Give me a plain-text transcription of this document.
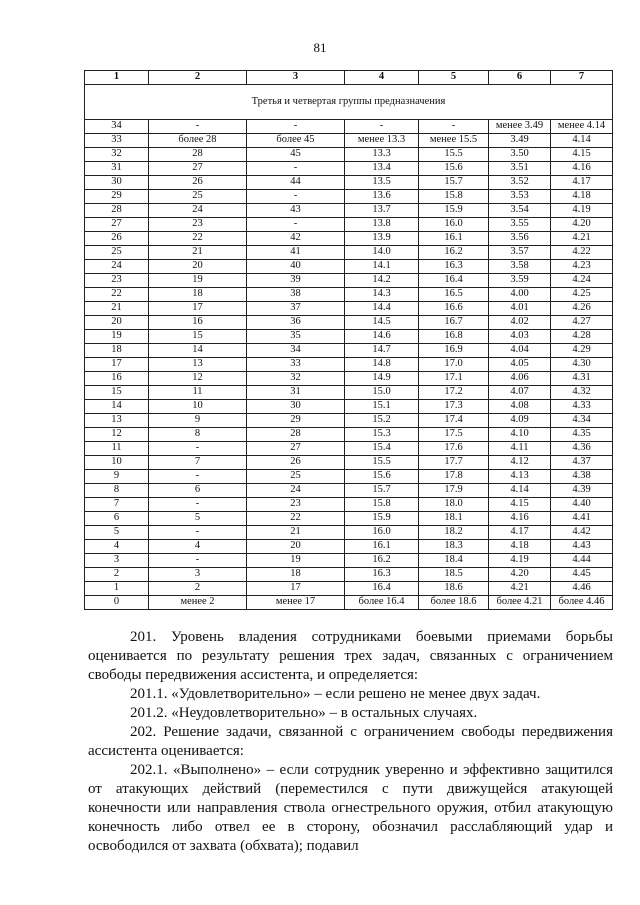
81
1	2	3	4	5	6	7
Третья и четвертая группы предназначения						
34	-	-	-	-	менее 3.49	менее 4.14
33	более 28	более 45	менее 13.3	менее 15.5	3.49	4.14
32	28	45	13.3	15.5	3.50	4.15
31	27	-	13.4	15.6	3.51	4.16
30	26	44	13.5	15.7	3.52	4.17
29	25	-	13.6	15.8	3.53	4.18
28	24	43	13.7	15.9	3.54	4.19
27	23	-	13.8	16.0	3.55	4.20
26	22	42	13.9	16.1	3.56	4.21
25	21	41	14.0	16.2	3.57	4.22
24	20	40	14.1	16.3	3.58	4.23
23	19	39	14.2	16.4	3.59	4.24
22	18	38	14.3	16.5	4.00	4.25
21	17	37	14.4	16.6	4.01	4.26
20	16	36	14.5	16.7	4.02	4.27
19	15	35	14.6	16.8	4.03	4.28
18	14	34	14.7	16.9	4.04	4.29
17	13	33	14.8	17.0	4.05	4.30
16	12	32	14.9	17.1	4.06	4.31
15	11	31	15.0	17.2	4.07	4.32
14	10	30	15.1	17.3	4.08	4.33
13	9	29	15.2	17.4	4.09	4.34
12	8	28	15.3	17.5	4.10	4.35
11	-	27	15.4	17.6	4.11	4.36
10	7	26	15.5	17.7	4.12	4.37
9	-	25	15.6	17.8	4.13	4.38
8	6	24	15.7	17.9	4.14	4.39
7	-	23	15.8	18.0	4.15	4.40
6	5	22	15.9	18.1	4.16	4.41
5	-	21	16.0	18.2	4.17	4.42
4	4	20	16.1	18.3	4.18	4.43
3	-	19	16.2	18.4	4.19	4.44
2	3	18	16.3	18.5	4.20	4.45
1	2	17	16.4	18.6	4.21	4.46
0	менее 2	менее 17	более 16.4	более 18.6	более 4.21	более 4.46

201. Уровень владения сотрудниками боевыми приемами борьбы оценивается по результату решения трех задач, связанных с ограничением свободы передвижения ассистента, и определяется:

201.1. «Удовлетворительно» – если решено не менее двух задач.

201.2. «Неудовлетворительно» – в остальных случаях.

202. Решение задачи, связанной с ограничением свободы передвижения ассистента оценивается:

202.1. «Выполнено» – если сотрудник уверенно и эффективно защитился от атакующих действий (переместился с пути движущейся атакующей конечности или направления ствола огнестрельного оружия, отбил атакующую конечность либо отвел ее в сторону, обозначил расслабляющий удар и освободился от захвата (обхвата); подавил
